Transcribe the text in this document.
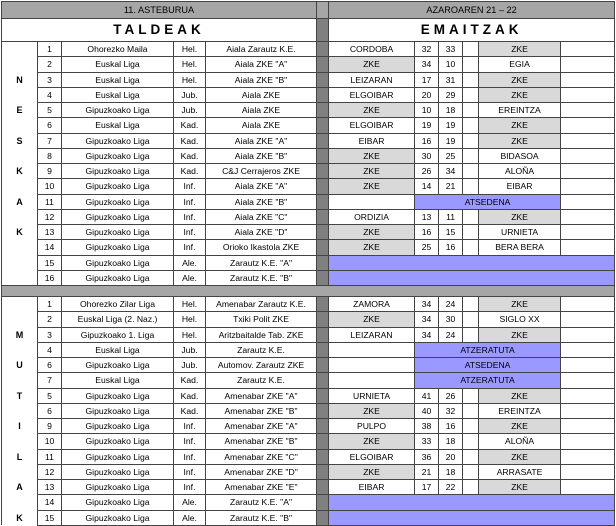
11. ASTEBURUA						AZAROAREN 21 – 22					
TALDEAK						EMAITZAK					
	1	Ohorezko Maila	Hel.	Aiala Zarautz K.E.		CORDOBA	32	33		ZKE	
	2	Euskal Liga	Hel.	Aiala ZKE "A"		ZKE	34	10		EGIA	
N	3	Euskal Liga	Hel.	Aiala ZKE "B"		LEIZARAN	17	31		ZKE	
	4	Euskal Liga	Jub.	Aiala ZKE		ELGOIBAR	20	29		ZKE	
E	5	Gipuzkoako Liga	Jub.	Aiala ZKE		ZKE	10	18		EREINTZA	
	6	Euskal Liga	Kad.	Aiala ZKE		ELGOIBAR	19	19		ZKE	
S	7	Gipuzkoako Liga	Kad.	Aiala ZKE "A"		EIBAR	16	19		ZKE	
	8	Gipuzkoako Liga	Kad.	Aiala ZKE "B"		ZKE	30	25		BIDASOA	
K	9	Gipuzkoako Liga	Kad.	C&J Cerrajeros ZKE		ZKE	26	34		ALOÑA	
	10	Gipuzkoako Liga	Inf.	Aiala ZKE "A"		ZKE	14	21		EIBAR	
A	11	Gipuzkoako Liga	Inf.	Aiala ZKE "B"			ATSEDENA				
	12	Gipuzkoako Liga	Inf.	Aiala ZKE "C"		ORDIZIA	13	11		ZKE	
K	13	Gipuzkoako Liga	Inf.	Aiala ZKE "D"		ZKE	16	15		URNIETA	
	14	Gipuzkoako Liga	Inf.	Orioko Ikastola ZKE		ZKE	25	16		BERA BERA	
	15	Gipuzkoako Liga	Ale.	Zarautz K.E. "A"							
	16	Gipuzkoako Liga	Ale.	Zarautz K.E. "B"							

	1	Ohorezko Zilar Liga	Hel.	Amenabar Zarautz K.E.		ZAMORA	34	24		ZKE	
	2	Euskal Liga (2. Naz.)	Hel.	Txiki Polit ZKE		ZKE	34	30		SIGLO XX	
M	3	Gipuzkoako 1. Liga	Hel.	Aritzbaitalde Tab. ZKE		LEIZARAN	34	24		ZKE	
	4	Euskal Liga	Jub.	Zarautz K.E.			ATZERATUTA				
U	6	Gipuzkoako Liga	Jub.	Automov. Zarautz ZKE			ATSEDENA				
	7	Euskal Liga	Kad.	Zarautz K.E.			ATZERATUTA				
T	5	Gipuzkoako Liga	Kad.	Amenabar ZKE "A"		URNIETA	41	26		ZKE	
	6	Gipuzkoako Liga	Kad.	Amenabar ZKE "B"		ZKE	40	32		EREINTZA	
I	9	Gipuzkoako Liga	Inf.	Amenabar ZKE "A"		PULPO	38	16		ZKE	
	10	Gipuzkoako Liga	Inf.	Amenabar ZKE "B"		ZKE	33	18		ALOÑA	
L	11	Gipuzkoako Liga	Inf.	Amenabar ZKE "C"		ELGOIBAR	36	20		ZKE	
	12	Gipuzkoako Liga	Inf.	Amenabar ZKE "D"		ZKE	21	18		ARRASATE	
A	13	Gipuzkoako Liga	Inf.	Amenabar ZKE "E"		EIBAR	17	22		ZKE	
	14	Gipuzkoako Liga	Ale.	Zarautz K.E. "A"							
K	15	Gipuzkoako Liga	Ale.	Zarautz K.E. "B"							
